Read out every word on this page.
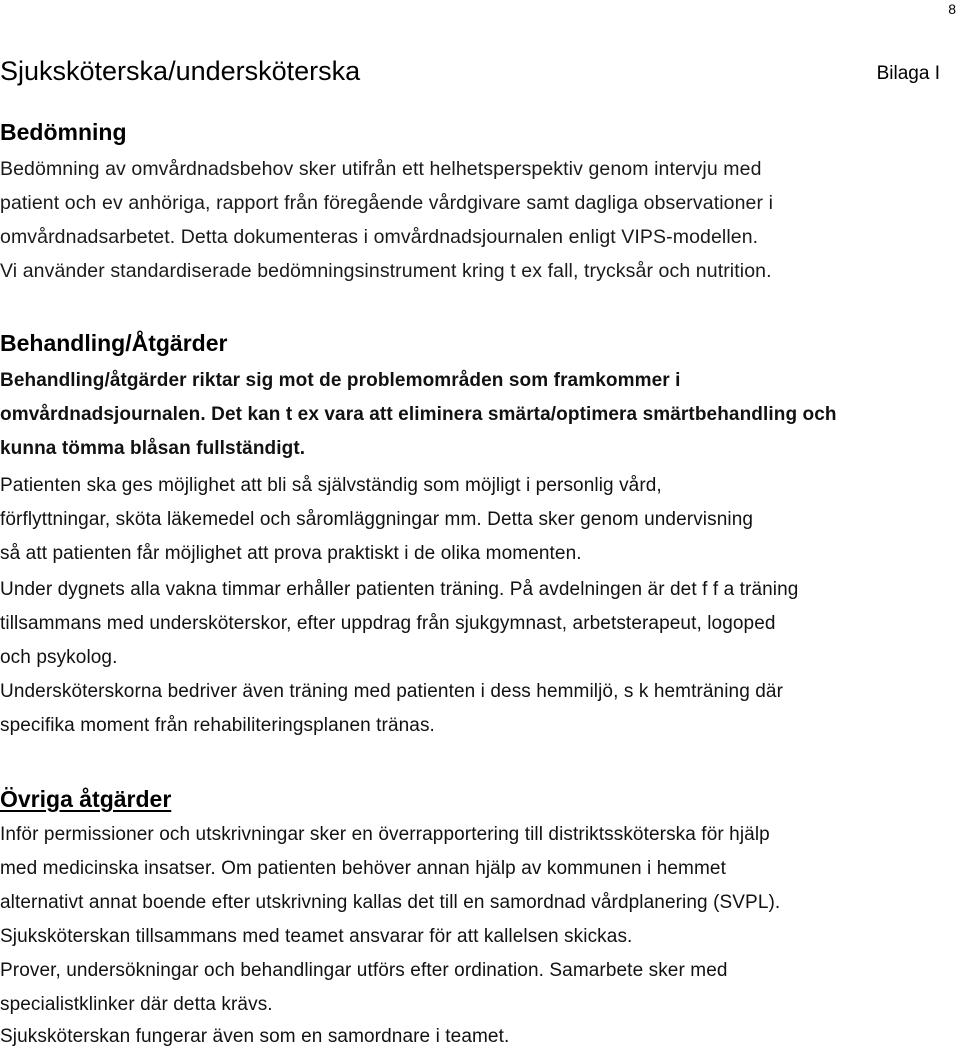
8
Sjuksköterska/undersköterska	Bilaga I
Bedömning

Bedömning av omvårdnadsbehov sker utifrån ett helhetsperspektiv genom intervju med

patient och ev anhöriga, rapport från föregående vårdgivare samt dagliga observationer i

omvårdnadsarbetet. Detta dokumenteras i omvårdnadsjournalen enligt VIPS-modellen.

Vi använder standardiserade bedömningsinstrument kring t ex fall, trycksår och nutrition.

Behandling/Åtgärder

Behandling/åtgärder riktar sig mot de problemområden som framkommer i

omvårdnadsjournalen. Det kan t ex vara att eliminera smärta/optimera smärtbehandling och

kunna tömma blåsan fullständigt.

Patienten ska ges möjlighet att bli så självständig som möjligt i personlig vård,

förflyttningar, sköta läkemedel och såromläggningar mm. Detta sker genom undervisning

så att patienten får möjlighet att prova praktiskt i de olika momenten.

Under dygnets alla vakna timmar erhåller patienten träning. På avdelningen är det f f a träning

tillsammans med undersköterskor, efter uppdrag från sjukgymnast, arbetsterapeut, logoped

och psykolog.

Undersköterskorna bedriver även träning med patienten i dess hemmiljö, s k hemträning där

specifika moment från rehabiliteringsplanen tränas.

Övriga åtgärder

Inför permissioner och utskrivningar sker en överrapportering till distriktssköterska för hjälp

med medicinska insatser. Om patienten behöver annan hjälp av kommunen i hemmet

alternativt annat boende efter utskrivning kallas det till en samordnad vårdplanering (SVPL).

Sjuksköterskan tillsammans med teamet ansvarar för att kallelsen skickas.

Prover, undersökningar och behandlingar utförs efter ordination. Samarbete sker med

specialistklinker där detta krävs.

Sjuksköterskan fungerar även som en samordnare i teamet.
